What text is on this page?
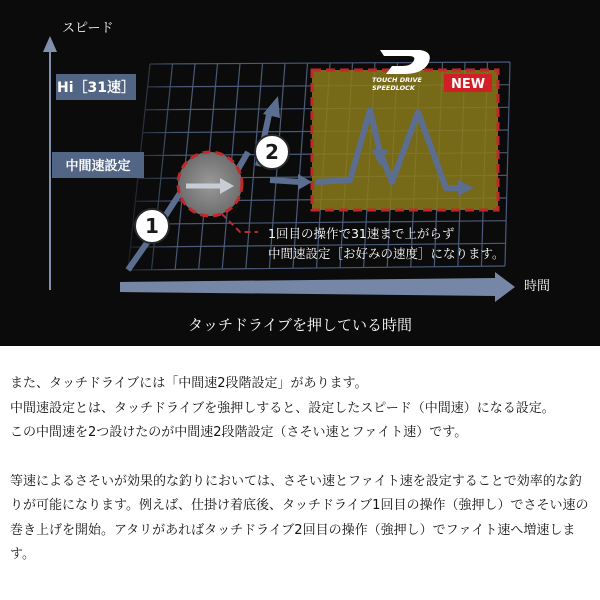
スピード
時間
Hi［31速］
中間速設定
1回目の操作で31速まで上がらず
中間速設定［お好みの速度］になります。
1
2
TOUCH DRIVE
SPEEDLOCK	NEW
タッチドライブを押している時間

また、タッチドライブには「中間速2段階設定」があります。

中間速設定とは、タッチドライブを強押しすると、設定したスピード（中間速）になる設定。

この中間速を2つ設けたのが中間速2段階設定（さそい速とファイト速）です。

等速によるさそいが効果的な釣りにおいては、さそい速とファイト速を設定することで効率的な釣りが可能になります。例えば、仕掛け着底後、タッチドライブ1回目の操作（強押し）でさそい速の巻き上げを開始。アタリがあればタッチドライブ2回目の操作（強押し）でファイト速へ増速します。
